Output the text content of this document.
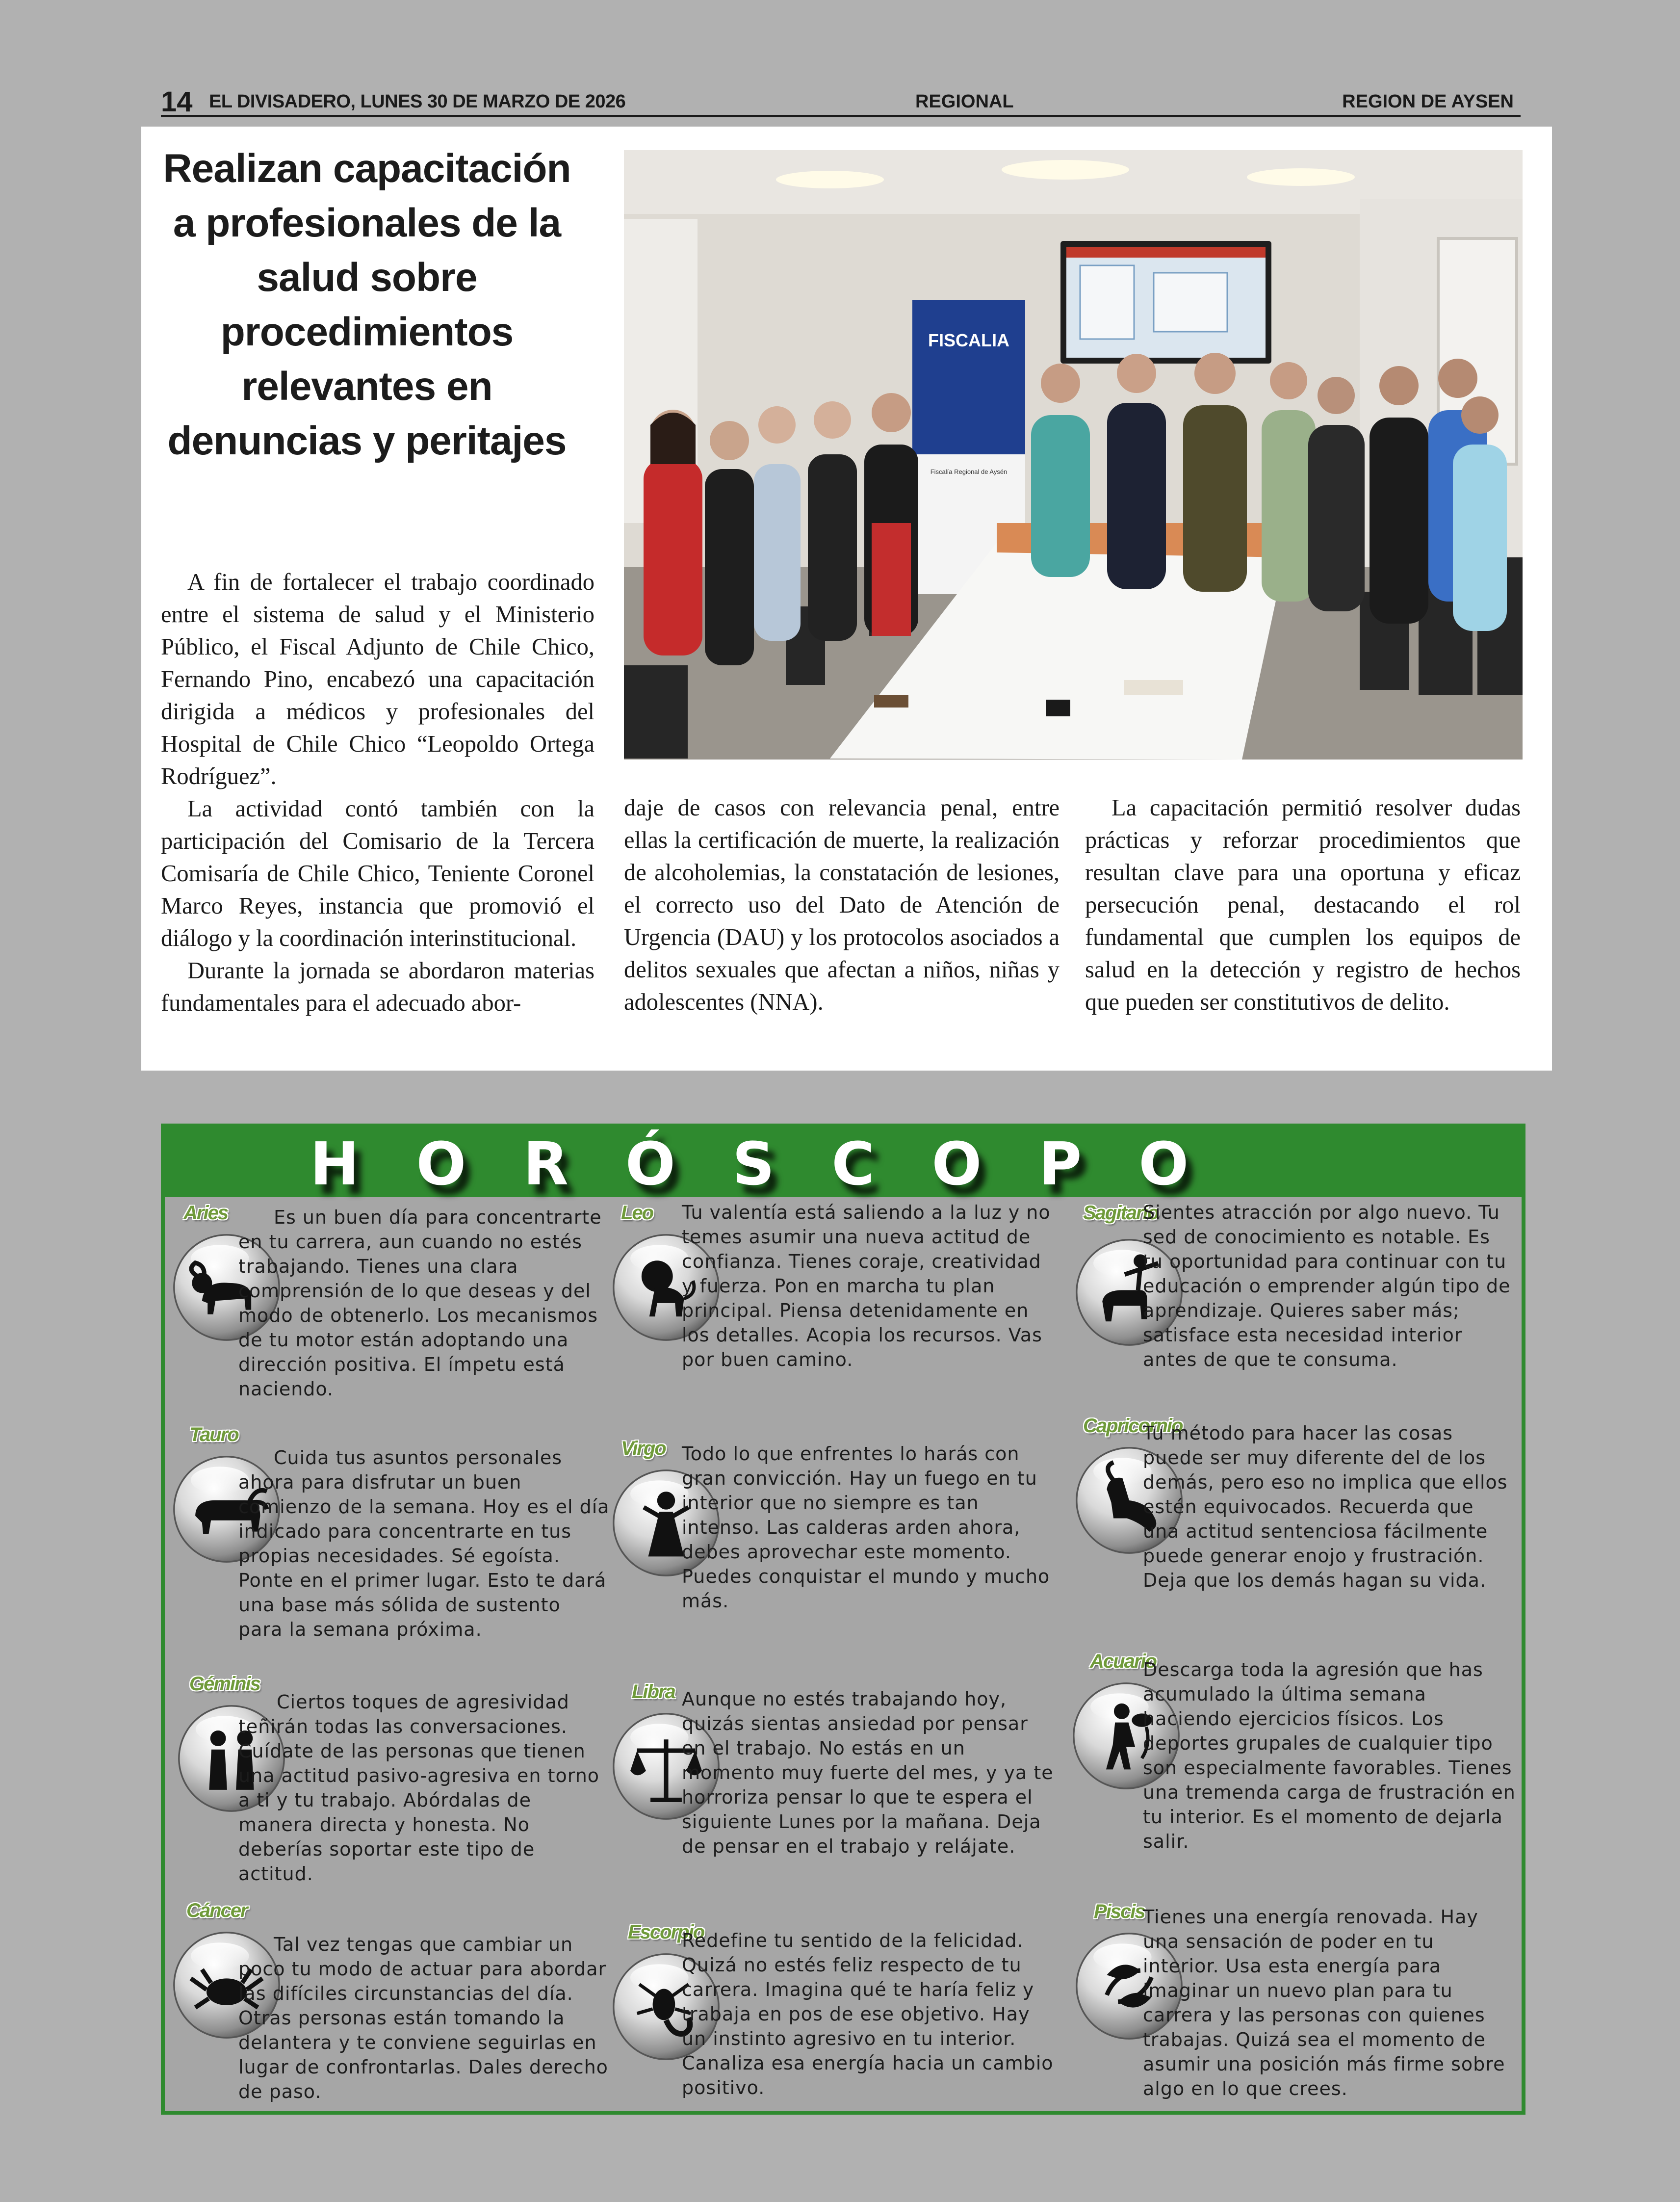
14 EL DIVISADERO, LUNES 30 DE MARZO DE 2026	REGIONAL	REGION DE AYSEN
Realizan capacitación a profesionales de la salud sobre procedimientos relevantes en denuncias y peritajes
FISCALIA
Fiscalía Regional de Aysén

A fin de fortalecer el trabajo coordinado entre el sistema de salud y el Ministerio Público, el Fiscal Adjunto de Chile Chico, Fernando Pino, encabezó una capacitación dirigida a médicos y profesionales del Hospital de Chile Chico “Leopoldo Ortega Rodríguez”.

La actividad contó también con la participación del Comisario de la Tercera Comisaría de Chile Chico, Teniente Coronel Marco Reyes, instancia que promovió el diálogo y la coordinación interinstitucional.

Durante la jornada se abordaron materias fundamentales para el adecuado abor-

daje de casos con relevancia penal, entre ellas la certificación de muerte, la realización de alcoholemias, la constatación de lesiones, el correcto uso del Dato de Atención de Urgencia (DAU) y los protocolos asociados a delitos sexuales que afectan a niños, niñas y adolescentes (NNA).

La capacitación permitió resolver dudas prácticas y reforzar procedimientos que resultan clave para una oportuna y eficaz persecución penal, destacando el rol fundamental que cumplen los equipos de salud en la detección y registro de hechos que pueden ser constitutivos de delito.

HORÓSCOPO
Aries	Es un buen día para concentrarte en tu carrera, aun cuando no estés trabajando. Tienes una clara comprensión de lo que deseas y del modo de obtenerlo. Los mecanismos de tu motor están adoptando una dirección positiva. El ímpetu está naciendo.

Tauro

Cuida tus asuntos personales ahora para disfrutar un buen comienzo de la semana. Hoy es el día indicado para concentrarte en tus propias necesidades. Sé egoísta. Ponte en el primer lugar. Esto te dará una base más sólida de sustento para la semana próxima.

Géminis

Ciertos toques de agresividad teñirán todas las conversaciones. Cuídate de las personas que tienen una actitud pasivo-agresiva en torno a ti y tu trabajo. Abórdalas de manera directa y honesta. No deberías soportar este tipo de actitud.

Cáncer

Tal vez tengas que cambiar un poco tu modo de actuar para abordar las difíciles circunstancias del día. Otras personas están tomando la delantera y te conviene seguirlas en lugar de confrontarlas. Dales derecho de paso.

Leo Tu valentía está saliendo a la luz y no temes asumir una nueva actitud de confianza. Tienes coraje, creatividad y fuerza. Pon en marcha tu plan principal. Piensa detenidamente en los detalles. Acopia los recursos. Vas por buen camino.

Virgo Todo lo que enfrentes lo harás con gran convicción. Hay un fuego en tu interior que no siempre es tan intenso. Las calderas arden ahora, debes aprovechar este momento. Puedes conquistar el mundo y mucho más.

Libra Aunque no estés trabajando hoy, quizás sientas ansiedad por pensar en el trabajo. No estás en un momento muy fuerte del mes, y ya te horroriza pensar lo que te espera el siguiente Lunes por la mañana. Deja de pensar en el trabajo y relájate.

Escorpio

Redefine tu sentido de la felicidad. Quizá no estés feliz respecto de tu carrera. Imagina qué te haría feliz y trabaja en pos de ese objetivo. Hay un instinto agresivo en tu interior. Canaliza esa energía hacia un cambio positivo.

Sagitario

Sientes atracción por algo nuevo. Tu sed de conocimiento es notable. Es tu oportunidad para continuar con tu educación o emprender algún tipo de aprendizaje. Quieres saber más; satisface esta necesidad interior antes de que te consuma.

Capricornio

Tu método para hacer las cosas puede ser muy diferente del de los demás, pero eso no implica que ellos estén equivocados. Recuerda que una actitud sentenciosa fácilmente puede generar enojo y frustración. Deja que los demás hagan su vida.

Acuario

Descarga toda la agresión que has acumulado la última semana haciendo ejercicios físicos. Los deportes grupales de cualquier tipo son especialmente favorables. Tienes una tremenda carga de frustración en tu interior. Es el momento de dejarla salir.

Piscis

Tienes una energía renovada. Hay una sensación de poder en tu interior. Usa esta energía para imaginar un nuevo plan para tu carrera y las personas con quienes trabajas. Quizá sea el momento de asumir una posición más firme sobre algo en lo que crees.
